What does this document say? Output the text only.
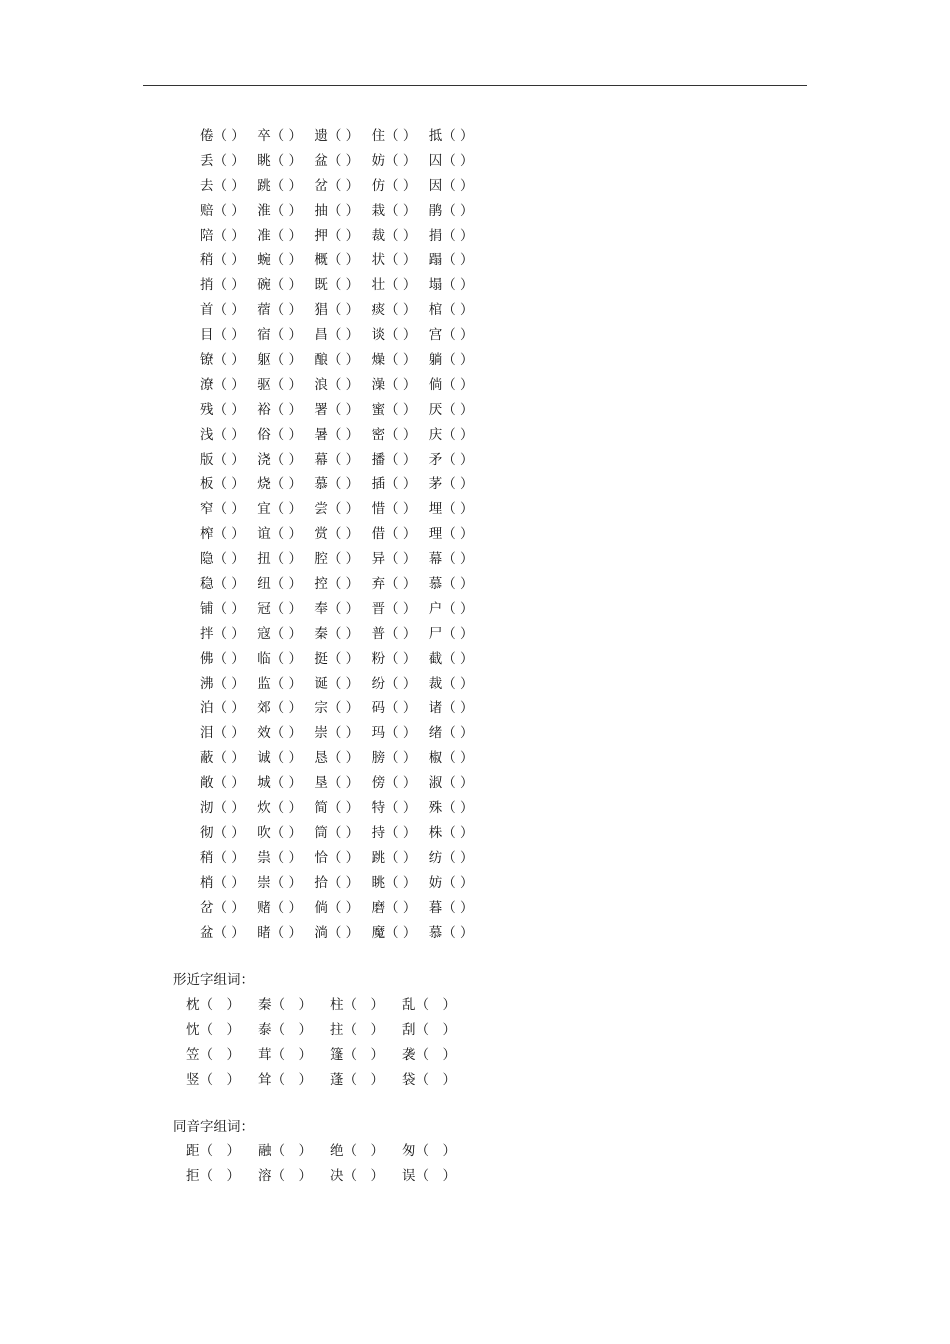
倦（ ） 卒（ ） 遗（ ） 住（ ） 抵（ ）
丢（ ） 眺（ ） 盆（ ） 妨（ ） 囚（ ）
去（ ） 跳（ ） 岔（ ） 仿（ ） 因（ ）
赔（ ） 淮（ ） 抽（ ） 栽（ ） 鹃（ ）
陪（ ） 准（ ） 押（ ） 裁（ ） 捐（ ）
稍（ ） 蜿（ ） 概（ ） 状（ ） 蹋（ ）
捎（ ） 碗（ ） 既（ ） 壮（ ） 塌（ ）
首（ ） 蓿（ ） 猖（ ） 痰（ ） 棺（ ）
目（ ） 宿（ ） 昌（ ） 谈（ ） 宫（ ）
镣（ ） 躯（ ） 酿（ ） 燥（ ） 躺（ ）
潦（ ） 驱（ ） 浪（ ） 澡（ ） 倘（ ）
残（ ） 裕（ ） 署（ ） 蜜（ ） 厌（ ）
浅（ ） 俗（ ） 暑（ ） 密（ ） 庆（ ）
版（ ） 浇（ ） 幕（ ） 播（ ） 矛（ ）
板（ ） 烧（ ） 慕（ ） 插（ ） 茅（ ）
窄（ ） 宜（ ） 尝（ ） 惜（ ） 埋（ ）
榨（ ） 谊（ ） 赏（ ） 借（ ） 理（ ）
隐（ ） 扭（ ） 腔（ ） 异（ ） 幕（ ）
稳（ ） 纽（ ） 控（ ） 弃（ ） 慕（ ）
铺（ ） 冠（ ） 奉（ ） 晋（ ） 户（ ）
拌（ ） 寇（ ） 秦（ ） 普（ ） 尸（ ）
佛（ ） 临（ ） 挺（ ） 粉（ ） 截（ ）
沸（ ） 监（ ） 诞（ ） 纷（ ） 裁（ ）
泊（ ） 郊（ ） 宗（ ） 码（ ） 诸（ ）
泪（ ） 效（ ） 崇（ ） 玛（ ） 绪（ ）
蔽（ ） 诚（ ） 恳（ ） 膀（ ） 椒（ ）
敞（ ） 城（ ） 垦（ ） 傍（ ） 淑（ ）
沏（ ） 炊（ ） 简（ ） 特（ ） 殊（ ）
彻（ ） 吹（ ） 筒（ ） 持（ ） 株（ ）
稍（ ） 祟（ ） 恰（ ） 跳（ ） 纺（ ）
梢（ ） 崇（ ） 拾（ ） 眺（ ） 妨（ ）
岔（ ） 赌（ ） 倘（ ） 磨（ ） 暮（ ）
盆（ ） 睹（ ） 淌（ ） 魔（ ） 慕（ ）
形近字组词：
枕（　）	秦（　）	柱（　）	乱（　）
忱（　）	泰（　）	拄（　）	刮（　）
笠（　）	茸（　）	篷（　）	袭（　）
竖（　）	耸（　）	蓬（　）	袋（　）
同音字组词：
距（　）	融（　）	绝（　）	匆（　）
拒（　）	溶（　）	决（　）	误（　）
